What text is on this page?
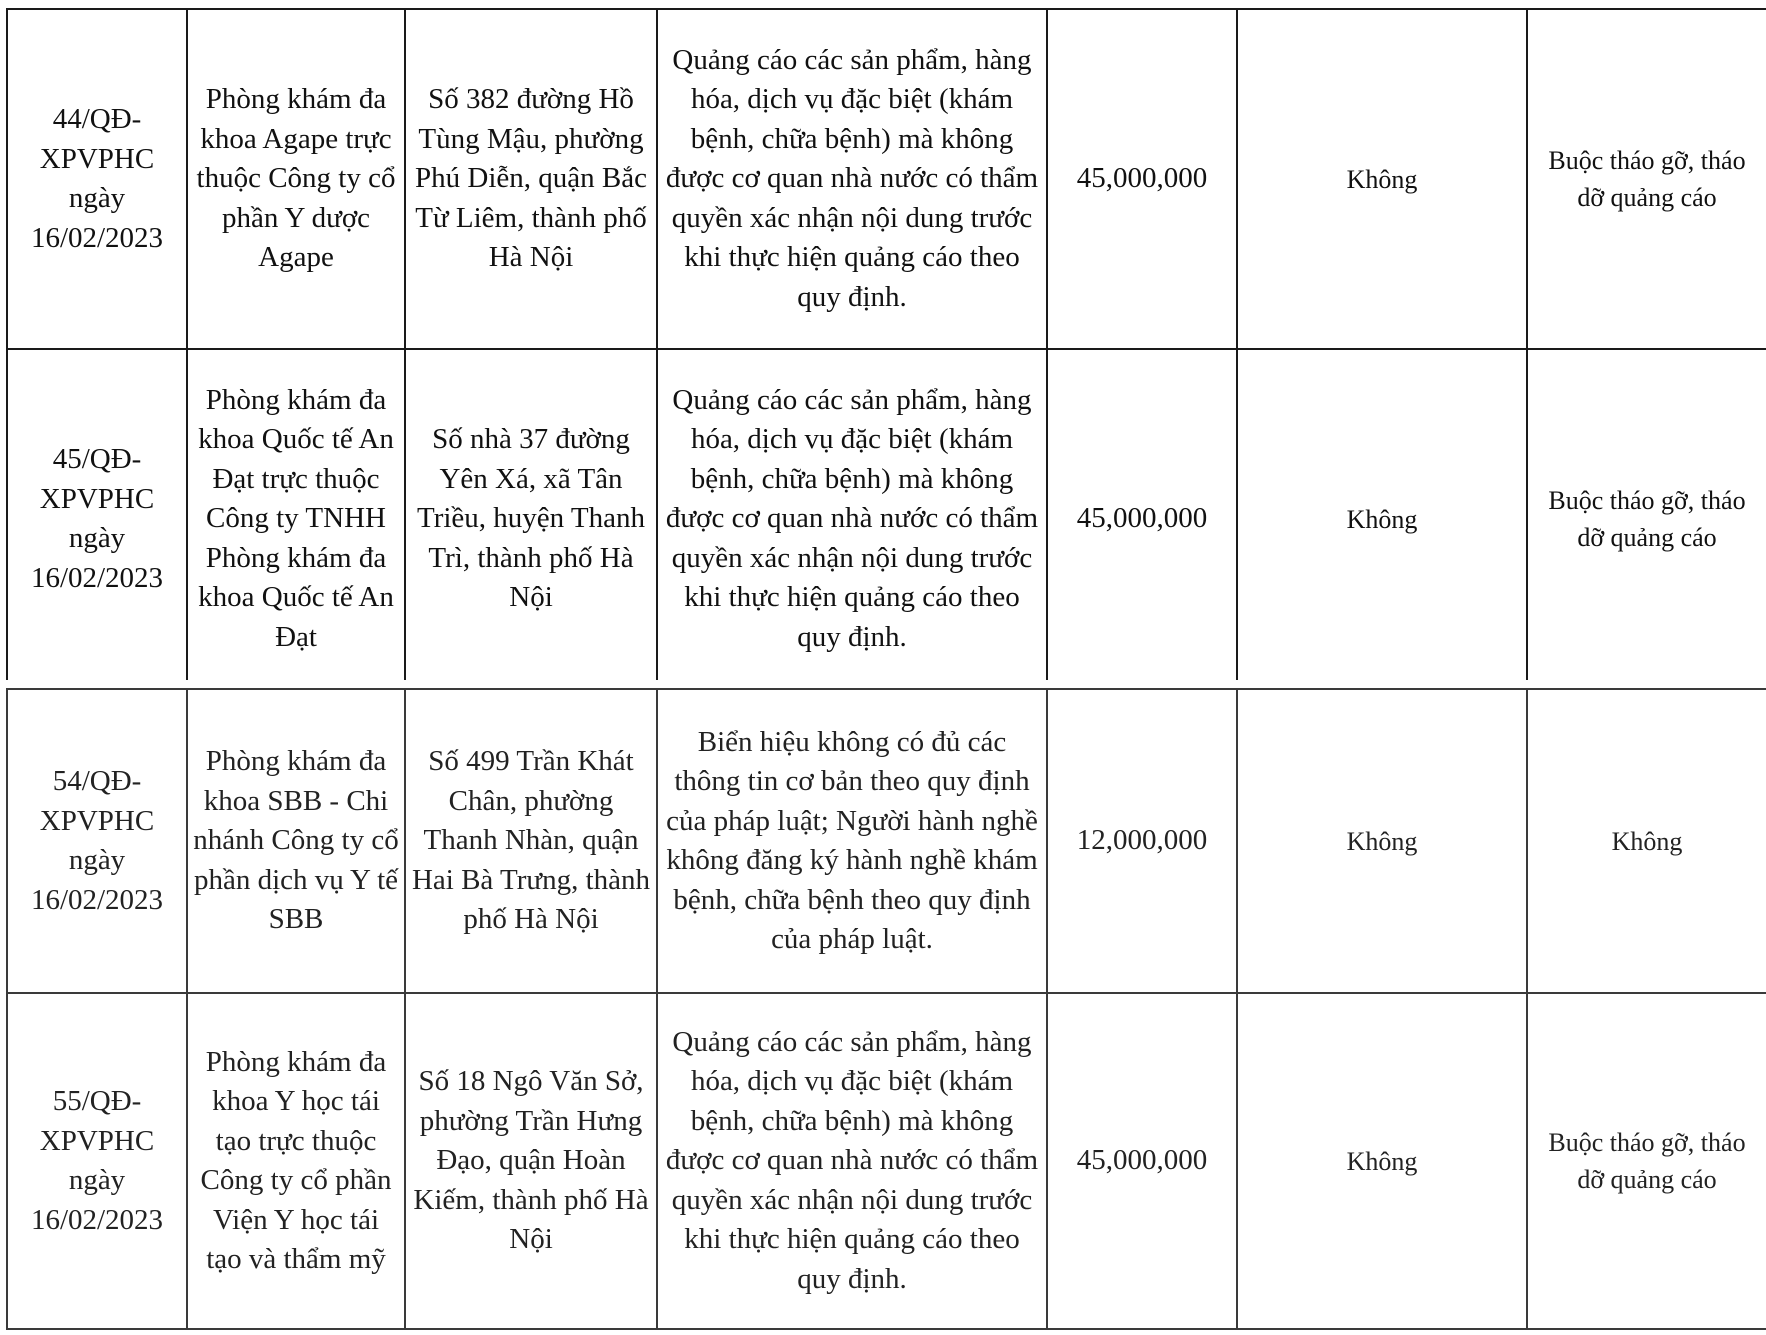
44/QĐ-XPVPHC ngày 16/02/2023	Phòng khám đa khoa Agape trực thuộc Công ty cổ phần Y dược Agape	Số 382 đường Hồ Tùng Mậu, phường Phú Diễn, quận Bắc Từ Liêm, thành phố Hà Nội	Quảng cáo các sản phẩm, hàng hóa, dịch vụ đặc biệt (khám bệnh, chữa bệnh) mà không được cơ quan nhà nước có thẩm quyền xác nhận nội dung trước khi thực hiện quảng cáo theo quy định.	45,000,000	Không	Buộc tháo gỡ, tháo dỡ quảng cáo
45/QĐ-XPVPHC ngày 16/02/2023	Phòng khám đa khoa Quốc tế An Đạt trực thuộc Công ty TNHH Phòng khám đa khoa Quốc tế An Đạt	Số nhà 37 đường Yên Xá, xã Tân Triều, huyện Thanh Trì, thành phố Hà Nội	Quảng cáo các sản phẩm, hàng hóa, dịch vụ đặc biệt (khám bệnh, chữa bệnh) mà không được cơ quan nhà nước có thẩm quyền xác nhận nội dung trước khi thực hiện quảng cáo theo quy định.	45,000,000	Không	Buộc tháo gỡ, tháo dỡ quảng cáo
54/QĐ-XPVPHC ngày 16/02/2023	Phòng khám đa khoa SBB - Chi nhánh Công ty cổ phần dịch vụ Y tế SBB	Số 499 Trần Khát Chân, phường Thanh Nhàn, quận Hai Bà Trưng, thành phố Hà Nội	Biển hiệu không có đủ các thông tin cơ bản theo quy định của pháp luật; Người hành nghề không đăng ký hành nghề khám bệnh, chữa bệnh theo quy định của pháp luật.	12,000,000	Không	Không
55/QĐ-XPVPHC ngày 16/02/2023	Phòng khám đa khoa Y học tái tạo trực thuộc Công ty cổ phần Viện Y học tái tạo và thẩm mỹ	Số 18 Ngô Văn Sở, phường Trần Hưng Đạo, quận Hoàn Kiếm, thành phố Hà Nội	Quảng cáo các sản phẩm, hàng hóa, dịch vụ đặc biệt (khám bệnh, chữa bệnh) mà không được cơ quan nhà nước có thẩm quyền xác nhận nội dung trước khi thực hiện quảng cáo theo quy định.	45,000,000	Không	Buộc tháo gỡ, tháo dỡ quảng cáo
